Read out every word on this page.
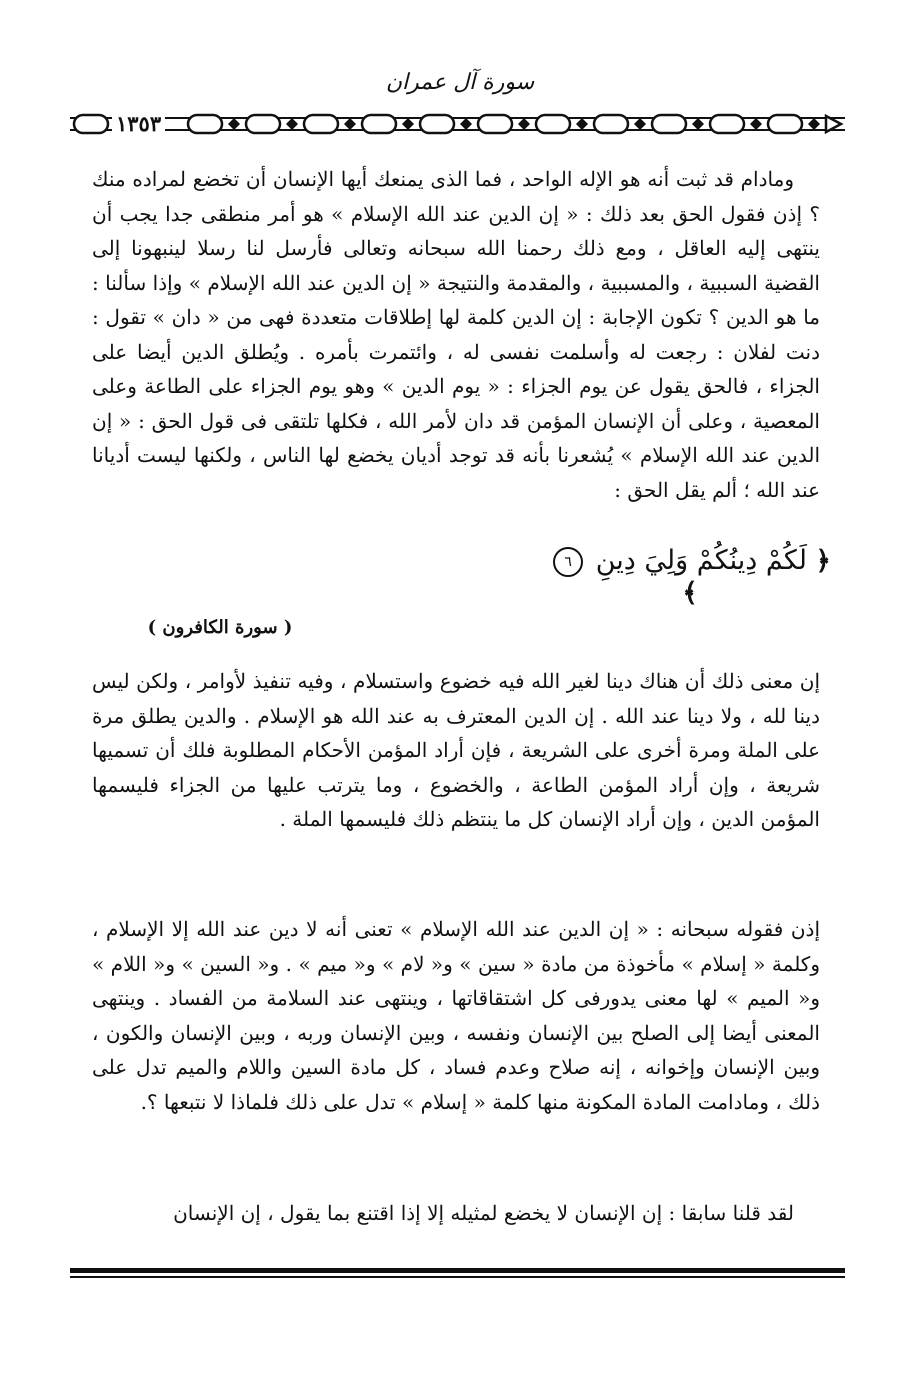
سورة آل عمران
١٣٥٣

ومادام قد ثبت أنه هو الإله الواحد ، فما الذى يمنعك أيها الإنسان أن تخضع لمراده منك ؟ إذن فقول الحق بعد ذلك : « إن الدين عند الله الإسلام » هو أمر منطقى جدا يجب أن ينتهى إليه العاقل ، ومع ذلك رحمنا الله سبحانه وتعالى فأرسل لنا رسلا لينبهونا إلى القضية السببية ، والمسببية ، والمقدمة والنتيجة « إن الدين عند الله الإسلام » وإذا سألنا : ما هو الدين ؟ تكون الإجابة : إن الدين كلمة لها إطلاقات متعددة فهى من « دان » تقول : دنت لفلان : رجعت له وأسلمت نفسى له ، وائتمرت بأمره . ويُطلق الدين أيضا على الجزاء ، فالحق يقول عن يوم الجزاء : « يوم الدين » وهو يوم الجزاء على الطاعة وعلى المعصية ، وعلى أن الإنسان المؤمن قد دان لأمر الله ، فكلها تلتقى فى قول الحق : « إن الدين عند الله الإسلام » يُشعرنا بأنه قد توجد أديان يخضع لها الناس ، ولكنها ليست أديانا عند الله ؛ ألم يقل الحق :

﴿ لَكُمْ دِينُكُمْ وَلِيَ دِينِ ٦ ﴾
( سورة الكافرون )

إن معنى ذلك أن هناك دينا لغير الله فيه خضوع واستسلام ، وفيه تنفيذ لأوامر ، ولكن ليس دينا لله ، ولا دينا عند الله . إن الدين المعترف به عند الله هو الإسلام . والدين يطلق مرة على الملة ومرة أخرى على الشريعة ، فإن أراد المؤمن الأحكام المطلوبة فلك أن تسميها شريعة ، وإن أراد المؤمن الطاعة ، والخضوع ، وما يترتب عليها من الجزاء فليسمها المؤمن الدين ، وإن أراد الإنسان كل ما ينتظم ذلك فليسمها الملة .

إذن فقوله سبحانه : « إن الدين عند الله الإسلام » تعنى أنه لا دين عند الله إلا الإسلام ، وكلمة « إسلام » مأخوذة من مادة « سين » و« لام » و« ميم » . و« السين » و« اللام » و« الميم » لها معنى يدورفى كل اشتقاقاتها ، وينتهى عند السلامة من الفساد . وينتهى المعنى أيضا إلى الصلح بين الإنسان ونفسه ، وبين الإنسان وربه ، وبين الإنسان والكون ، وبين الإنسان وإخوانه ، إنه صلاح وعدم فساد ، كل مادة السين واللام والميم تدل على ذلك ، ومادامت المادة المكونة منها كلمة « إسلام » تدل على ذلك فلماذا لا نتبعها ؟.

لقد قلنا سابقا : إن الإنسان لا يخضع لمثيله إلا إذا اقتنع بما يقول ، إن الإنسان
